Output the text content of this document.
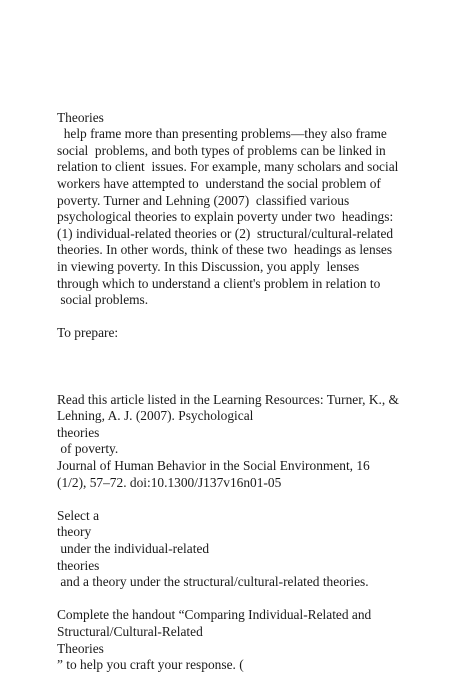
Theories
help frame more than presenting problems—they also frame
social  problems, and both types of problems can be linked in
relation to client  issues. For example, many scholars and social
workers have attempted to  understand the social problem of
poverty. Turner and Lehning (2007)  classified various
psychological theories to explain poverty under two  headings:
(1) individual-related theories or (2)  structural/cultural-related
theories. In other words, think of these two  headings as lenses
in viewing poverty. In this Discussion, you apply  lenses
through which to understand a client's problem in relation to
social problems.
To prepare:
Read this article listed in the Learning Resources: Turner, K., &
Lehning, A. J. (2007). Psychological
theories
of poverty.
Journal of Human Behavior in the Social Environment, 16
(1/2), 57–72. doi:10.1300/J137v16n01-05
Select a
theory
under the individual-related
theories
and a theory under the structural/cultural-related theories.
Complete the handout “Comparing Individual-Related and
Structural/Cultural-Related
Theories
” to help you craft your response. (
